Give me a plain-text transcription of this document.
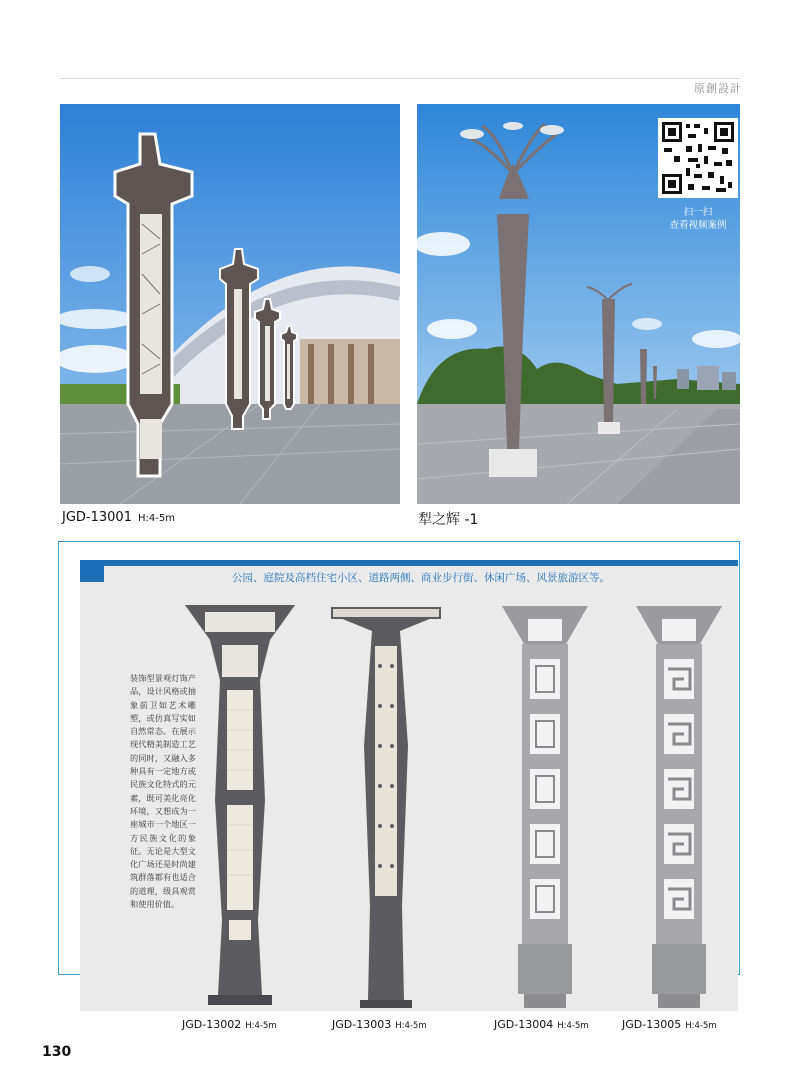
原創設計
JGD-13001 H:4-5m
扫一扫
查看视频案例
犁之辉 -1
公园、庭院及高档住宅小区、道路两侧、商业步行街、休闲广场、风景旅游区等。
装饰型景观灯饰产品，设计风格或抽象前卫如艺术雕塑，或仿真写实如自然常态。在展示现代精美制造工艺的同时，又融入多种具有一定地方或民族文化特式的元素，既可美化亮化环境，又想成为一座城市一个地区一方民族文化的象征。无论是大型文化广场还是时尚建筑群落都有也适合的道理，级具观赏和使用价值。
JGD-13002 H:4-5m	JGD-13003 H:4-5m	JGD-13004 H:4-5m	JGD-13005 H:4-5m
130
